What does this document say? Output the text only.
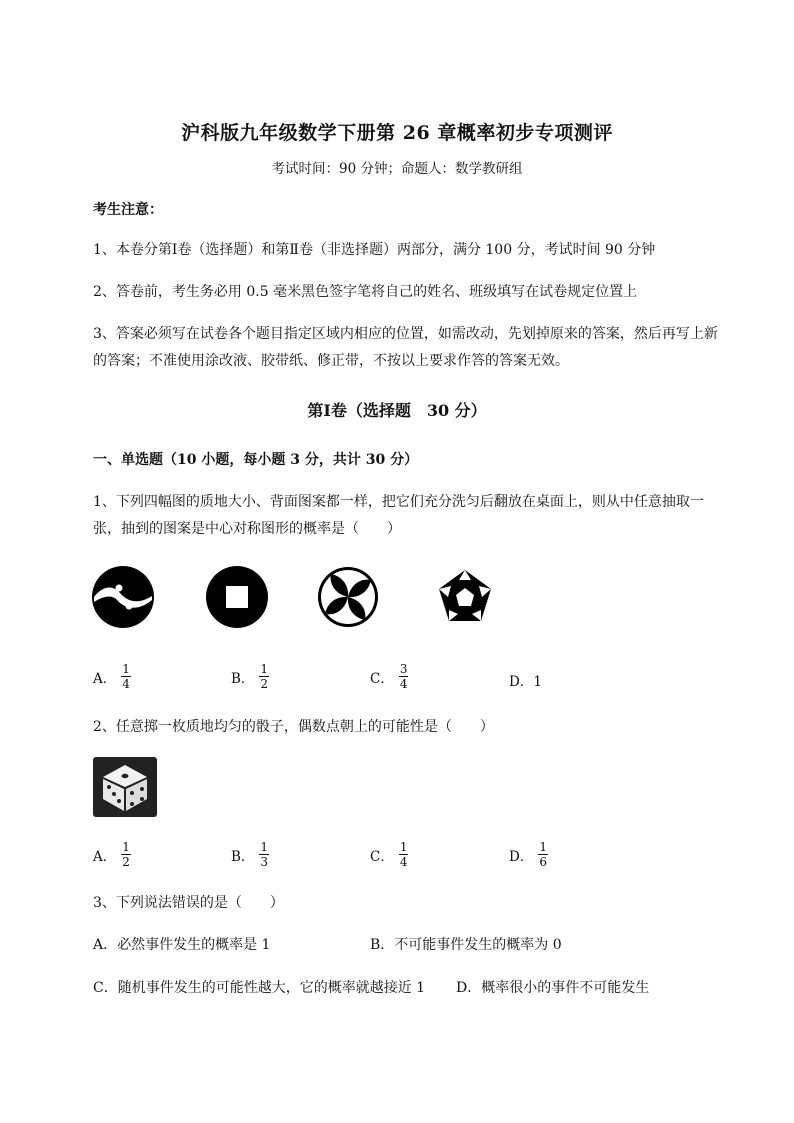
沪科版九年级数学下册第 26 章概率初步专项测评
考试时间：90 分钟；命题人：数学教研组
考生注意：
1、本卷分第Ⅰ卷（选择题）和第Ⅱ卷（非选择题）两部分，满分 100 分，考试时间 90 分钟
2、答卷前，考生务必用 0.5 毫米黑色签字笔将自己的姓名、班级填写在试卷规定位置上
3、答案必须写在试卷各个题目指定区域内相应的位置，如需改动，先划掉原来的答案，然后再写上新
的答案；不准使用涂改液、胶带纸、修正带，不按以上要求作答的答案无效。
第Ⅰ卷（选择题　30 分）
一、单选题（10 小题，每小题 3 分，共计 30 分）
1、下列四幅图的质地大小、背面图案都一样，把它们充分洗匀后翻放在桌面上，则从中任意抽取一
张，抽到的图案是中心对称图形的概率是（　　）
A． $\frac{1}{4}$	B． $\frac{1}{2}$	C． $\frac{3}{4}$	D．1
2、任意掷一枚质地均匀的骰子，偶数点朝上的可能性是（　　）
A． $\frac{1}{2}$	B． $\frac{1}{3}$	C． $\frac{1}{4}$	D． $\frac{1}{6}$
3、下列说法错误的是（　　）
A．必然事件发生的概率是 1	B．不可能事件发生的概率为 0
C．随机事件发生的可能性越大，它的概率就越接近 1 D．概率很小的事件不可能发生
